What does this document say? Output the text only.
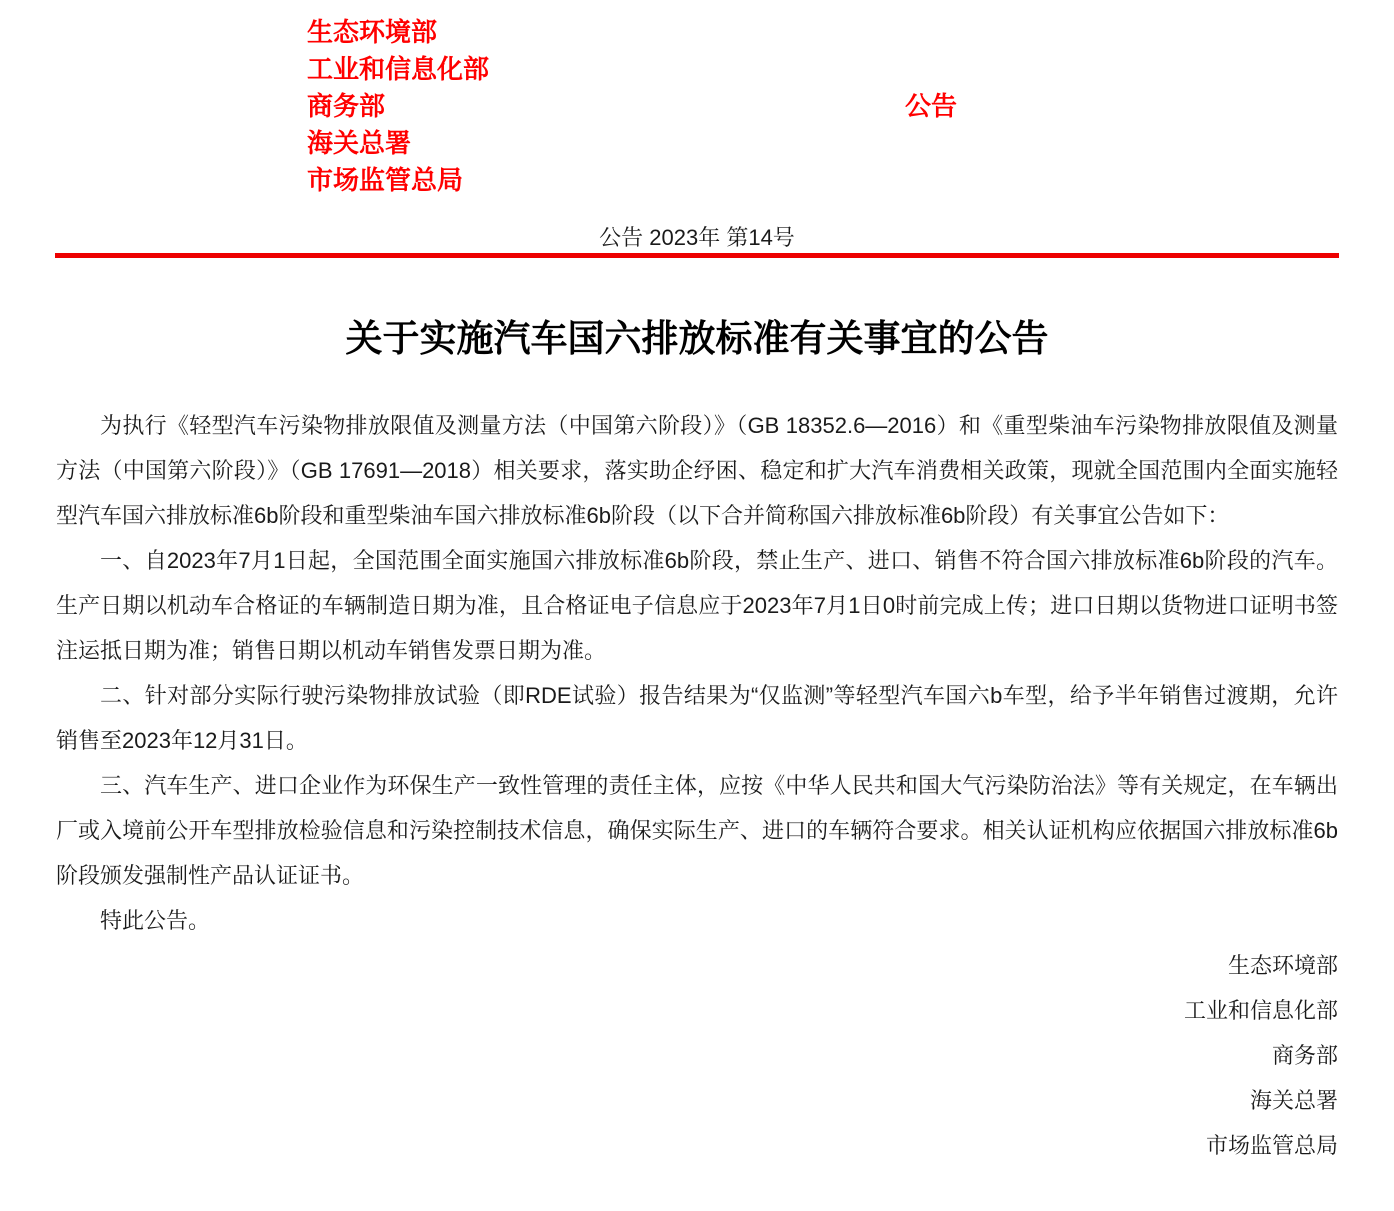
生态环境部
工业和信息化部
商务部
海关总署
市场监管总局
公告
公告 2023年 第14号
关于实施汽车国六排放标准有关事宜的公告

为执行《轻型汽车污染物排放限值及测量方法（中国第六阶段）》（GB 18352.6—2016）和《重型柴油车污染物排放限值及测量方法（中国第六阶段）》（GB 17691—2018）相关要求，落实助企纾困、稳定和扩大汽车消费相关政策，现就全国范围内全面实施轻型汽车国六排放标准6b阶段和重型柴油车国六排放标准6b阶段（以下合并简称国六排放标准6b阶段）有关事宜公告如下：

一、自2023年7月1日起，全国范围全面实施国六排放标准6b阶段，禁止生产、进口、销售不符合国六排放标准6b阶段的汽车。生产日期以机动车合格证的车辆制造日期为准，且合格证电子信息应于2023年7月1日0时前完成上传；进口日期以货物进口证明书签注运抵日期为准；销售日期以机动车销售发票日期为准。

二、针对部分实际行驶污染物排放试验（即RDE试验）报告结果为“仅监测”等轻型汽车国六b车型，给予半年销售过渡期，允许销售至2023年12月31日。

三、汽车生产、进口企业作为环保生产一致性管理的责任主体，应按《中华人民共和国大气污染防治法》等有关规定，在车辆出厂或入境前公开车型排放检验信息和污染控制技术信息，确保实际生产、进口的车辆符合要求。相关认证机构应依据国六排放标准6b阶段颁发强制性产品认证证书。

特此公告。

生态环境部
工业和信息化部
商务部
海关总署
市场监管总局
